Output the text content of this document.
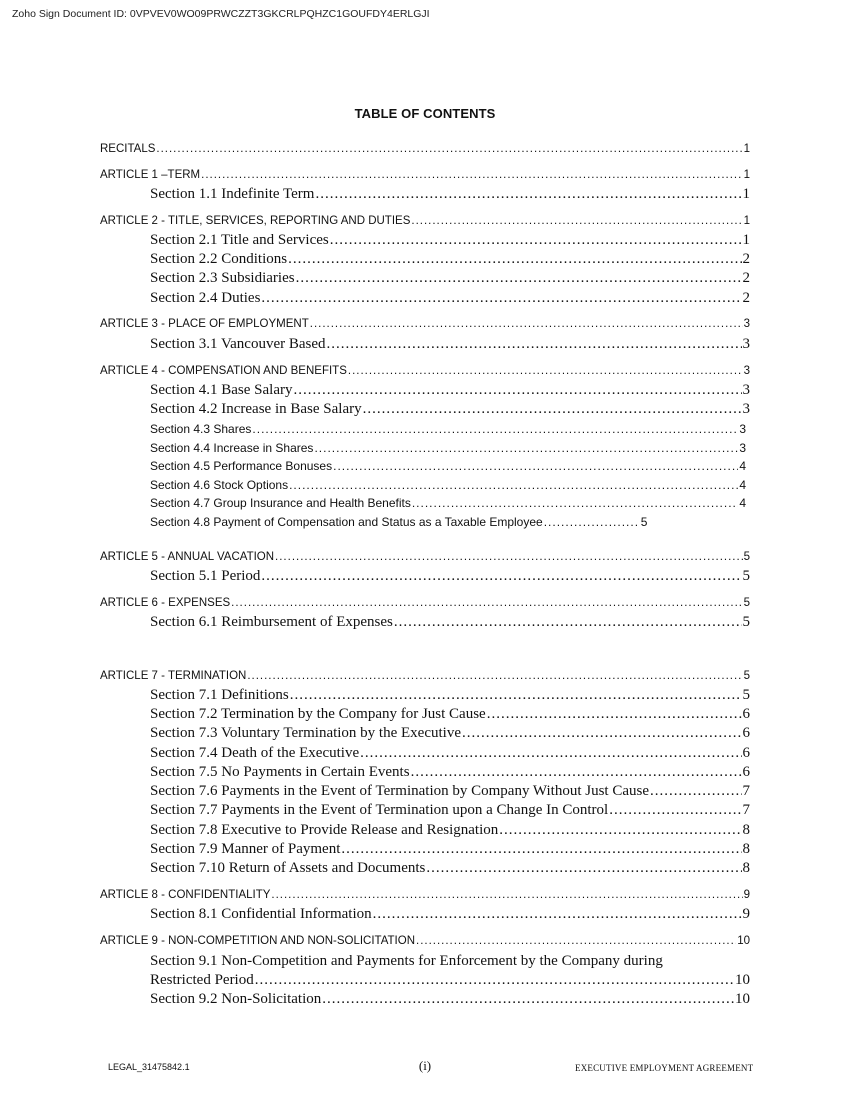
Zoho Sign Document ID: 0VPVEV0WO09PRWCZZT3GKCRLPQHZC1GOUFDY4ERLGJI
TABLE OF CONTENTS
RECITALS .....	1
ARTICLE 1 –TERM .....	1
Section 1.1 Indefinite Term .....	1
ARTICLE 2 - TITLE, SERVICES, REPORTING AND DUTIES .....	1
Section 2.1 Title and Services .....	1
Section 2.2 Conditions .....	2
Section 2.3 Subsidiaries .....	2
Section 2.4 Duties .....	2
ARTICLE 3 - PLACE OF EMPLOYMENT .....	3
Section 3.1 Vancouver Based .....	3
ARTICLE 4 - COMPENSATION AND BENEFITS .....	3
Section 4.1 Base Salary .....	3
Section 4.2 Increase in Base Salary .....	3
Section 4.3 Shares .....	3
Section 4.4 Increase in Shares .....	3
Section 4.5 Performance Bonuses .....	4
Section 4.6 Stock Options .....	4
Section 4.7 Group Insurance and Health Benefits .....	4
Section 4.8 Payment of Compensation and Status as a Taxable Employee .....	5
ARTICLE 5 - ANNUAL VACATION .....	5
Section 5.1 Period .....	5
ARTICLE 6 - EXPENSES .....	5
Section 6.1 Reimbursement of Expenses .....	5
ARTICLE 7 - TERMINATION .....	5
Section 7.1 Definitions .....	5
Section 7.2 Termination by the Company for Just Cause .....	6
Section 7.3 Voluntary Termination by the Executive .....	6
Section 7.4 Death of the Executive .....	6
Section 7.5 No Payments in Certain Events .....	6
Section 7.6 Payments in the Event of Termination by Company Without Just Cause .....	7
Section 7.7 Payments in the Event of Termination upon a Change In Control .....	7
Section 7.8 Executive to Provide Release and Resignation .....	8
Section 7.9 Manner of Payment .....	8
Section 7.10 Return of Assets and Documents .....	8
ARTICLE 8 - CONFIDENTIALITY .....	9
Section 8.1 Confidential Information .....	9
ARTICLE 9 - NON-COMPETITION AND NON-SOLICITATION .....	10
Section 9.1 Non-Competition and Payments for Enforcement by the Company during
Restricted Period .....	10
Section 9.2 Non-Solicitation .....	10
LEGAL_31475842.1	(i)	EXECUTIVE EMPLOYMENT AGREEMENT
